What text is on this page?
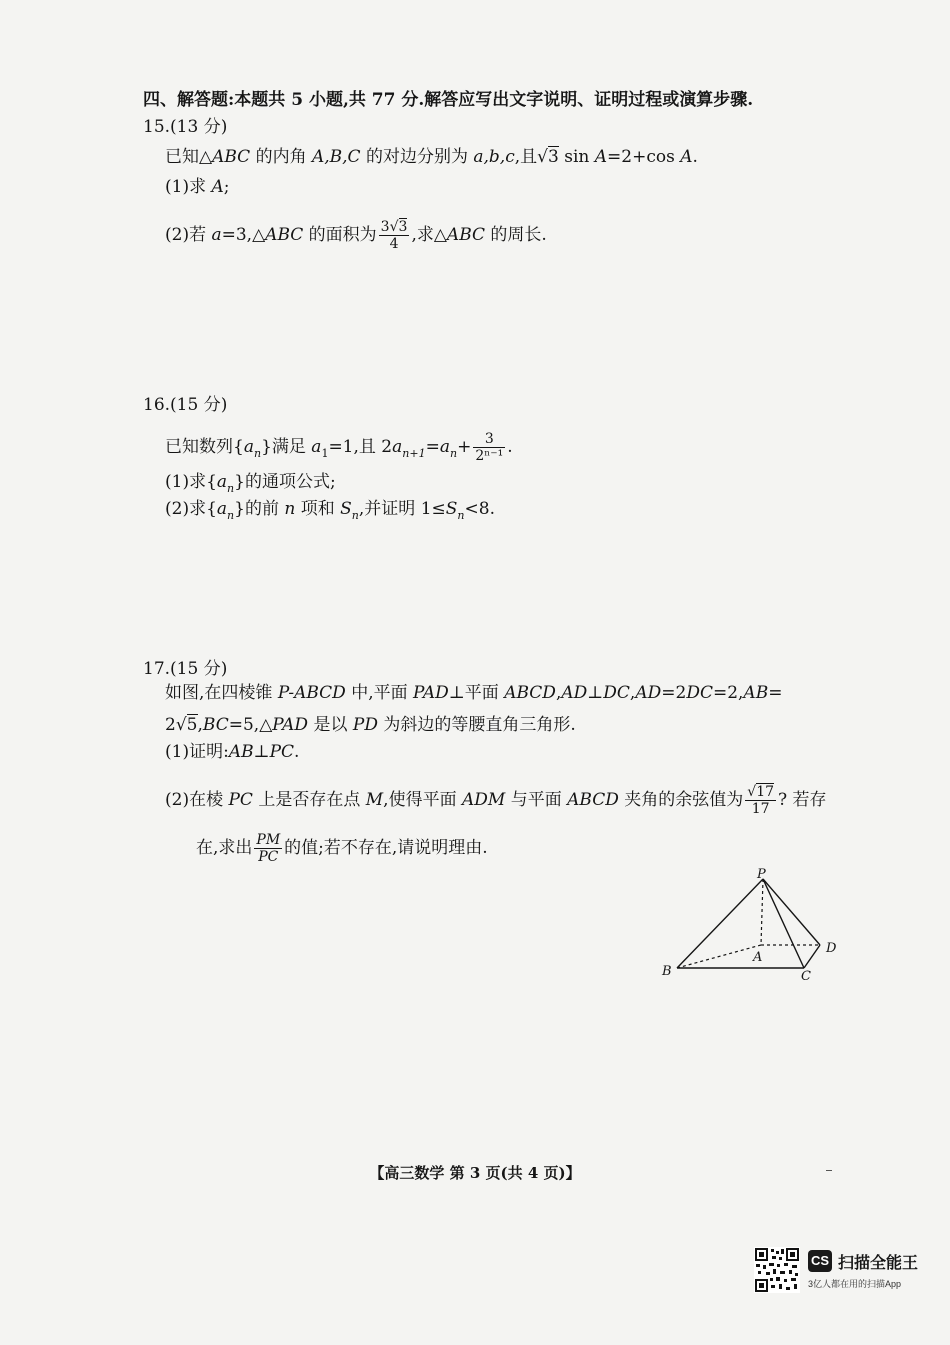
四、解答题:本题共 5 小题,共 77 分.解答应写出文字说明、证明过程或演算步骤.
15.(13 分)
已知△ABC 的内角 A,B,C 的对边分别为 a,b,c,且√3 sin A=2+cos A.
(1)求 A;
(2)若 a=3,△ABC 的面积为 $\frac{3√3}{4}$ ,求△ABC 的周长.
16.(15 分)
已知数列$\{a_n\}$满足 $a_1=1$,且 $2a_{n+1}=a_n+ \frac{3}{\text{2ⁿ⁻¹}}$ .
(1)求$\{a_n\}$的通项公式;
(2)求$\{a_n\}$的前 n 项和 $S_n$,并证明 $1\le S_n<8$.
17.(15 分)
如图,在四棱锥 P-ABCD 中,平面 PAD⊥平面 ABCD,AD⊥DC,AD=2DC=2,AB=
2√5,BC=5,△PAD 是以 PD 为斜边的等腰直角三角形.
(1)证明:AB⊥PC.
(2)在棱 PC 上是否存在点 M,使得平面 ADM 与平面 ABCD 夹角的余弦值为 $\frac{√17}{17}$ ? 若存
在,求出 $\frac{PM}{PC}$ 的值;若不存在,请说明理由.
P
A
B	C
D
【高三数学 第 3 页(共 4 页)】
CS 扫描全能王
3亿人都在用的扫描App
